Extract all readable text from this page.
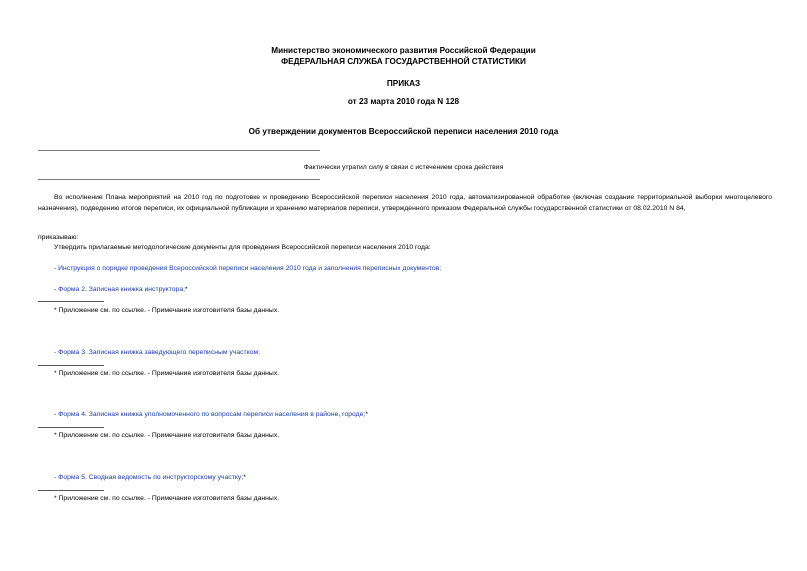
Министерство экономического развития Российской Федерации
ФЕДЕРАЛЬНАЯ СЛУЖБА ГОСУДАРСТВЕННОЙ СТАТИСТИКИ
ПРИКАЗ
от 23 марта 2010 года N 128
Об утверждении документов Всероссийской переписи населения 2010 года
Фактически утратил силу в связи с истечением срока действия
Во исполнение Плана мероприятий на 2010 год по подготовке и проведению Всероссийской переписи населения 2010 года, автоматизированной обработке (включая создание территориальной выборки многоцелевого назначения), подведению итогов переписи, их официальной публикации и хранению материалов переписи, утвержденного приказом Федеральной службы государственной статистики от 08.02.2010 N 84,
приказываю:
Утвердить прилагаемые методологические документы для проведения Всероссийской переписи населения 2010 года:
- Инструкция о порядке проведения Всероссийской переписи населения 2010 года и заполнения переписных документов;
- Форма 2. Записная книжка инструктора;*
* Приложение см. по ссылке. - Примечание изготовителя базы данных.
- Форма 3. Записная книжка заведующего переписным участком;
* Приложение см. по ссылке. - Примечание изготовителя базы данных.
- Форма 4. Записная книжка уполномоченного по вопросам переписи населения в районе, городе;*
* Приложение см. по ссылке. - Примечание изготовителя базы данных.
- Форма 5. Сводная ведомость по инструкторскому участку;*
* Приложение см. по ссылке. - Примечание изготовителя базы данных.
